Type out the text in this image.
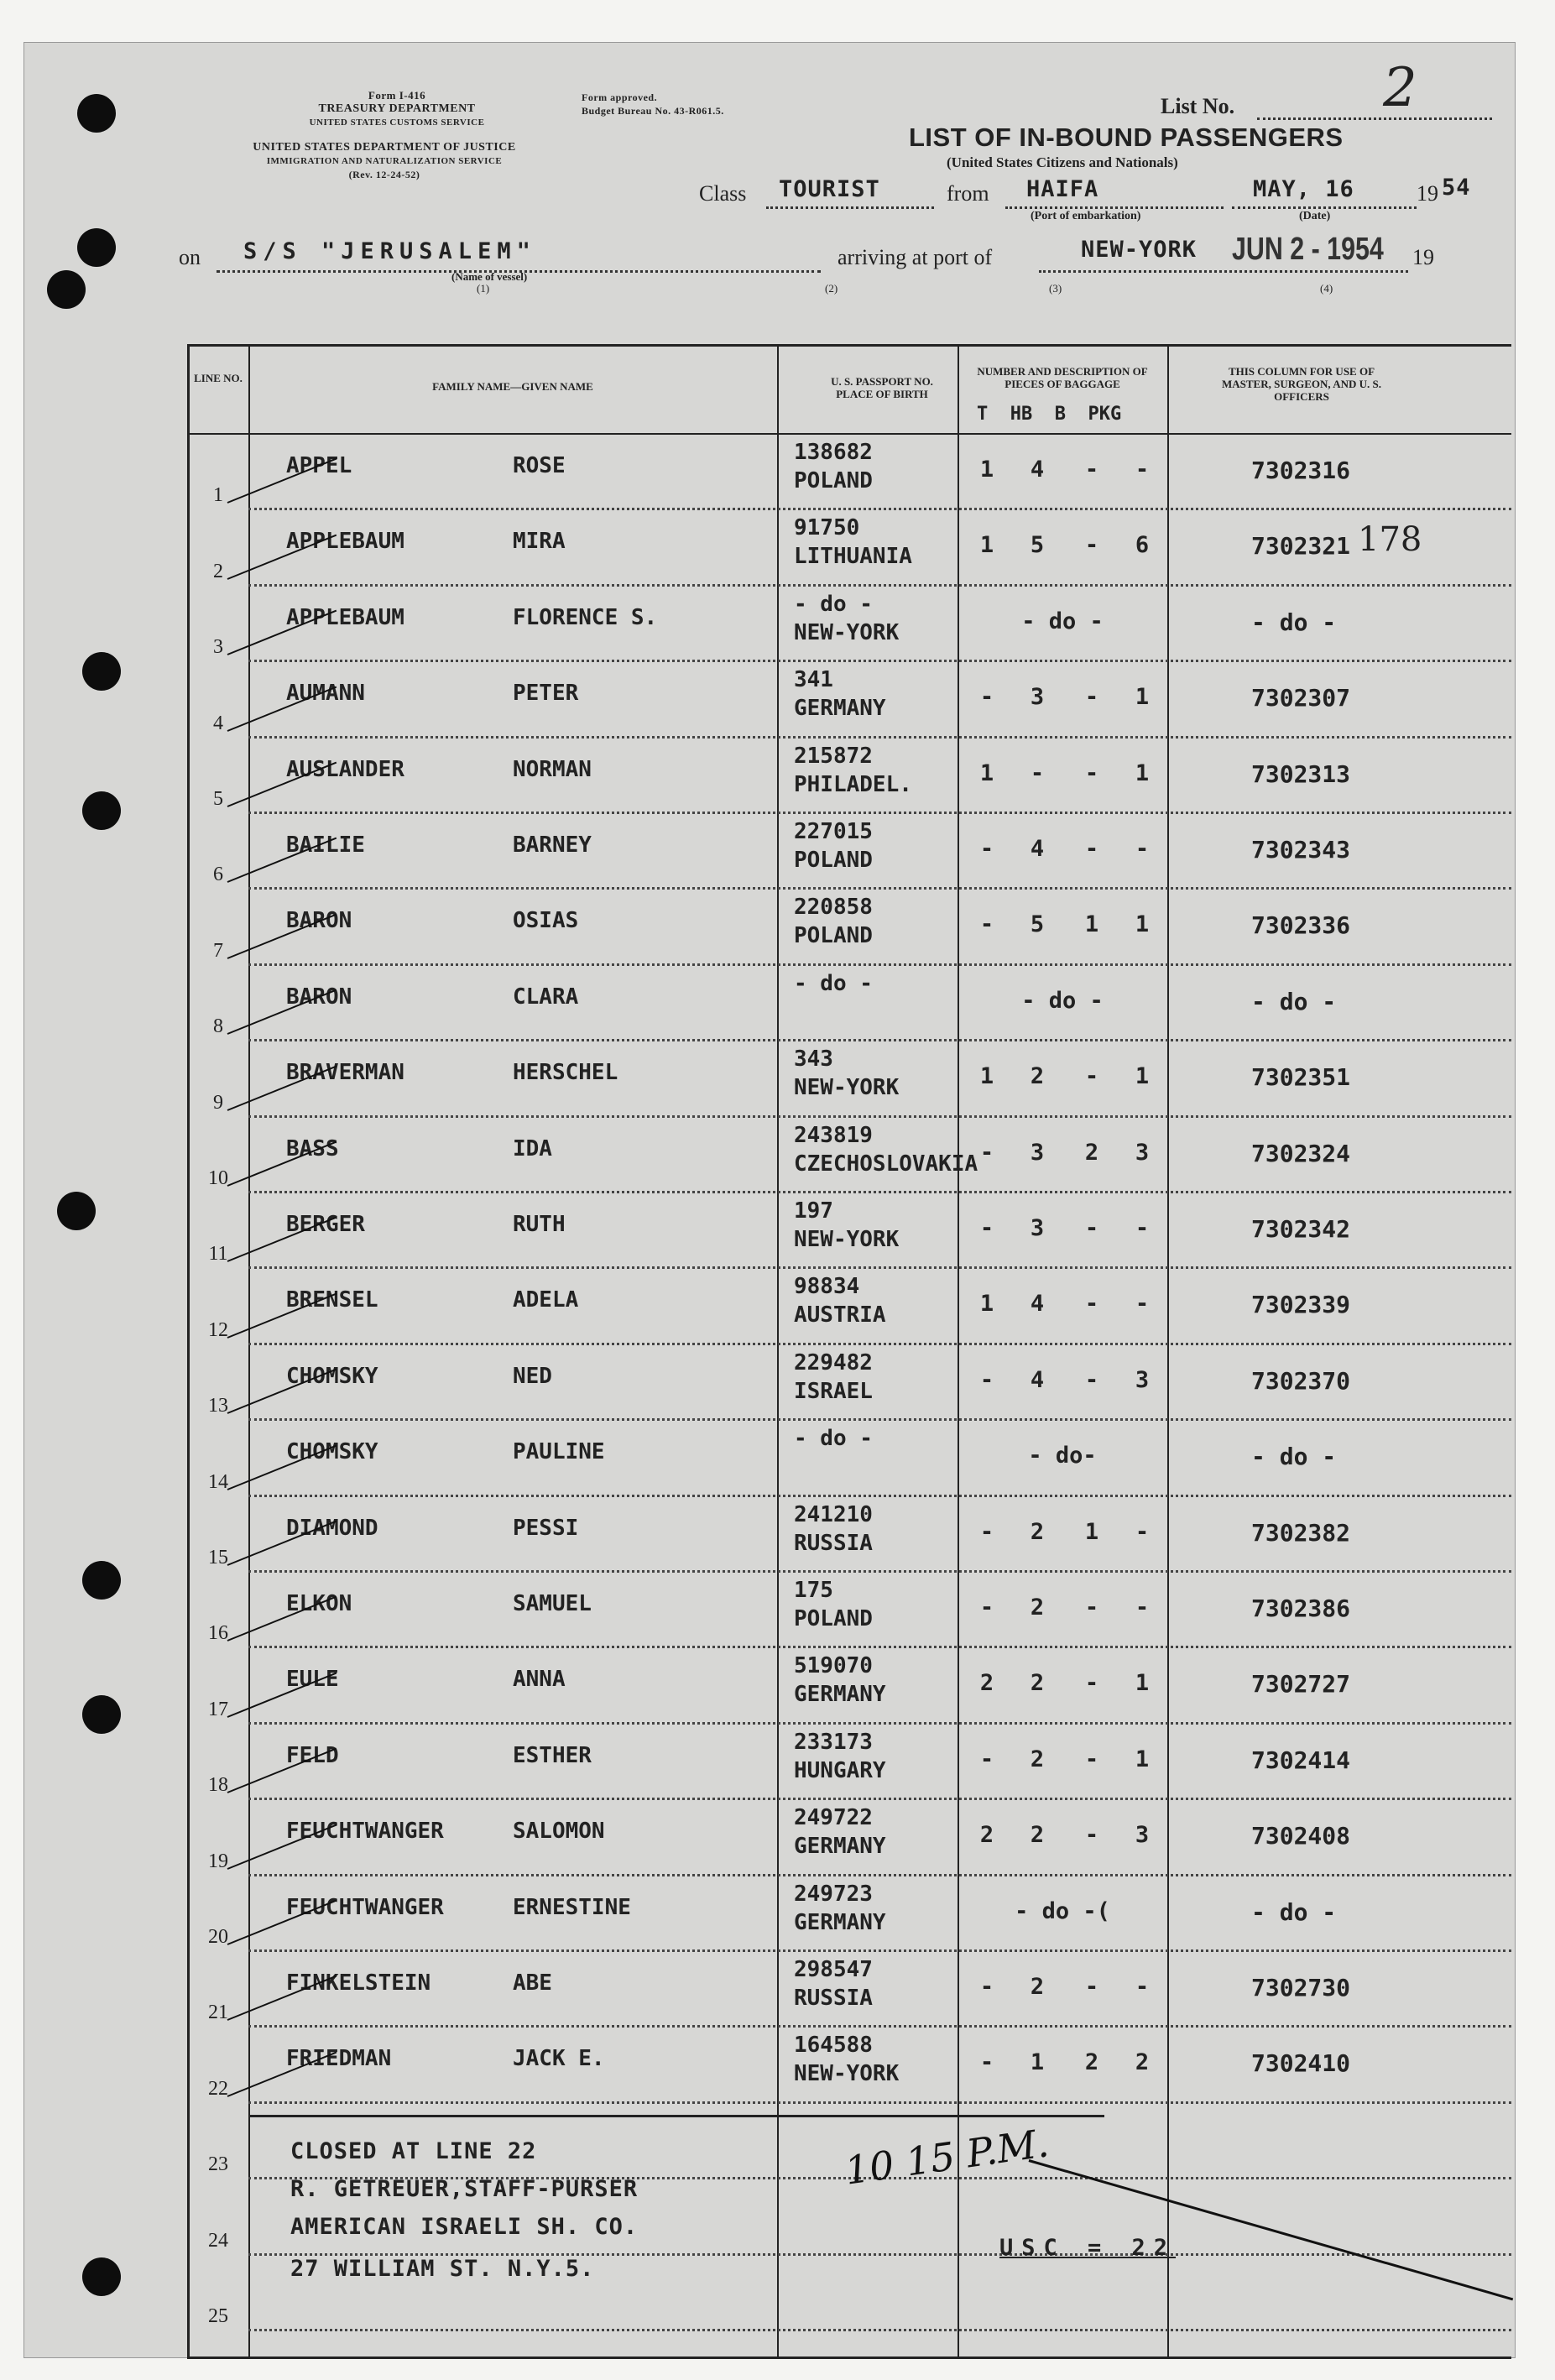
Form I-416
TREASURY DEPARTMENT
UNITED STATES CUSTOMS SERVICE
UNITED STATES DEPARTMENT OF JUSTICE
IMMIGRATION AND NATURALIZATION SERVICE
(Rev. 12-24-52)
Form approved.
Budget Bureau No. 43-R061.5.	List No.	2
LIST OF IN-BOUND PASSENGERS
(United States Citizens and Nationals)
Class TOURIST	from HAIFA
(Port of embarkation)
MAY, 16
(Date)
19 54
on S/S "JERUSALEM"
(Name of vessel)
arriving at port of	NEW-YORK JUN 2 - 1954 19
(1)	(2)	(3)	(4)
LINE NO.
FAMILY NAME—GIVEN NAME	U. S. PASSPORT NO. PLACE OF BIRTH
NUMBER AND DESCRIPTION OF PIECES OF BAGGAGE
T  HB  B  PKG
THIS COLUMN FOR USE OF MASTER, SURGEON, AND U. S. OFFICERS
1
APPEL	ROSE
138682
POLAND	1	4	-	-	7302316
2
APPLEBAUM	MIRA
91750
LITHUANIA	1	5	-	6	7302321
3
APPLEBAUM	FLORENCE S.
- do -
NEW-YORK	- do -	- do -
4
AUMANN	PETER
341
GERMANY	-	3	-	1	7302307
5
AUSLANDER	NORMAN
215872
PHILADEL.	1	-	-	1	7302313
6
BAILIE	BARNEY
227015
POLAND	-	4	-	-	7302343
7
BARON	OSIAS
220858
POLAND	-	5	1	1	7302336
8
BARON	CLARA
- do -
- do -	- do -
9
BRAVERMAN	HERSCHEL
343
NEW-YORK	1	2	-	1	7302351
10
BASS	IDA
243819
CZECHOSLOVAKIA -	3	2	3	7302324
11
BERGER	RUTH
197
NEW-YORK	-	3	-	-	7302342
12
BRENSEL	ADELA
98834
AUSTRIA	1	4	-	-	7302339
13
CHOMSKY	NED
229482
ISRAEL	-	4	-	3	7302370
14
CHOMSKY	PAULINE
- do -
- do-	- do -
15
DIAMOND	PESSI
241210
RUSSIA	-	2	1	-	7302382
16
ELKON	SAMUEL
175
POLAND	-	2	-	-	7302386
17
EULE	ANNA
519070
GERMANY	2	2	-	1	7302727
18
FELD	ESTHER
233173
HUNGARY	-	2	-	1	7302414
19
FEUCHTWANGER	SALOMON
249722
GERMANY	2	2	-	3	7302408
20
FEUCHTWANGER	ERNESTINE
249723
GERMANY	- do -(	- do -
21
FINKELSTEIN	ABE
298547
RUSSIA	-	2	-	-	7302730
22
FRIEDMAN	JACK E.
164588
NEW-YORK	-	1	2	2	7302410
23
24
25
CLOSED AT LINE 22
R. GETREUER,STAFF-PURSER
AMERICAN ISRAELI SH. CO.
27 WILLIAM ST. N.Y.5.
USC = 22
10 15 P.M.
178
